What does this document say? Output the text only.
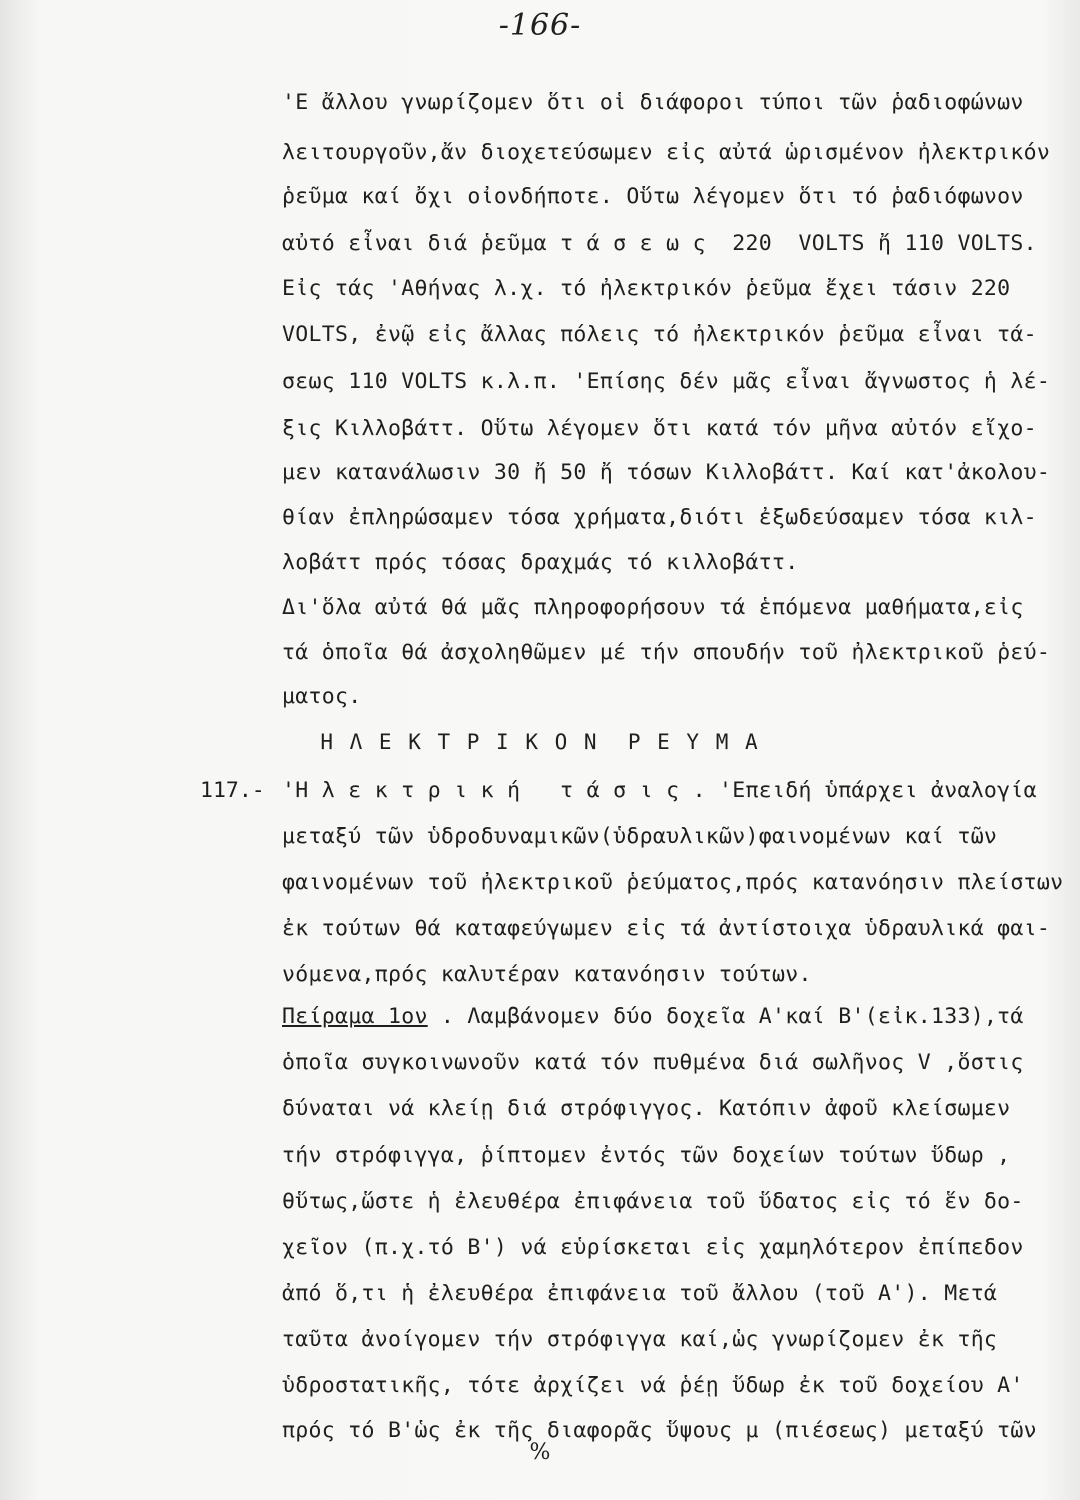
-166-
'Ε ἄλλου γνωρίζομεν ὅτι οἱ διάφοροι τύποι τῶν ῥαδιοφώνων
λειτουργοῦν,ἄν διοχετεύσωμεν εἰς αὐτά ὡρισμένον ἠλεκτρικόν
ῥεῦμα καί ὄχι οἰονδήποτε. Οὕτω λέγομεν ὅτι τό ῥαδιόφωνον
αὐτό εἶναι διά ῥεῦμα τ ά σ ε ω ς  220  VOLTS ἤ 110 VOLTS.
Εἰς τάς 'Αθήνας λ.χ. τό ἠλεκτρικόν ῥεῦμα ἔχει τάσιν 220
VOLTS, ἐνῷ εἰς ἄλλας πόλεις τό ἠλεκτρικόν ῥεῦμα εἶναι τά-
σεως 110 VOLTS κ.λ.π. 'Επίσης δέν μᾶς εἶναι ἄγνωστος ἡ λέ-
ξις Κιλλοβάττ. Οὕτω λέγομεν ὅτι κατά τόν μῆνα αὐτόν εἴχο-
μεν κατανάλωσιν 30 ἤ 50 ἤ τόσων Κιλλοβάττ. Καί κατ'ἀκολου-
θίαν ἐπληρώσαμεν τόσα χρήματα,διότι ἐξωδεύσαμεν τόσα κιλ-
λοβάττ πρός τόσας δραχμάς τό κιλλοβάττ.
Δι'ὅλα αὐτά θά μᾶς πληροφορήσουν τά ἑπόμενα μαθήματα,εἰς
τά ὁποῖα θά ἀσχοληθῶμεν μέ τήν σπουδήν τοῦ ἠλεκτρικοῦ ῥεύ-
ματος.
Η Λ Ε Κ Τ Ρ Ι Κ Ο Ν  Ρ Ε Υ Μ Α
117.- 'Η λ ε κ τ ρ ι κ ή   τ ά σ ι ς . 'Επειδή ὑπάρχει ἀναλογία
μεταξύ τῶν ὑδροδυναμικῶν(ὑδραυλικῶν)φαινομένων καί τῶν
φαινομένων τοῦ ἠλεκτρικοῦ ῥεύματος,πρός κατανόησιν πλείστων
ἐκ τούτων θά καταφεύγωμεν εἰς τά ἀντίστοιχα ὑδραυλικά φαι-
νόμενα,πρός καλυτέραν κατανόησιν τούτων.
Πείραμα 1ον . Λαμβάνομεν δύο δοχεῖα Α'καί Β'(εἰκ.133),τά
ὁποῖα συγκοινωνοῦν κατά τόν πυθμένα διά σωλῆνος V ,ὅστις
δύναται νά κλείῃ διά στρόφιγγος. Κατόπιν ἀφοῦ κλείσωμεν
τήν στρόφιγγα, ῥίπτομεν ἐντός τῶν δοχείων τούτων ὕδωρ ,
θὕτως,ὥστε ἡ ἐλευθέρα ἐπιφάνεια τοῦ ὕδατος εἰς τό ἕν δο-
χεῖον (π.χ.τό Β') νά εὑρίσκεται εἰς χαμηλότερον ἐπίπεδον
ἀπό ὅ,τι ἡ ἐλευθέρα ἐπιφάνεια τοῦ ἄλλου (τοῦ Α'). Μετά
ταῦτα ἀνοίγομεν τήν στρόφιγγα καί,ὡς γνωρίζομεν ἐκ τῆς
ὑδροστατικῆς, τότε ἀρχίζει νά ῥέῃ ὕδωρ ἐκ τοῦ δοχείου Α'
πρός τό Β'ὡς ἐκ τῆς διαφορᾶς ὕψους μ (πιέσεως) μεταξύ τῶν
%
